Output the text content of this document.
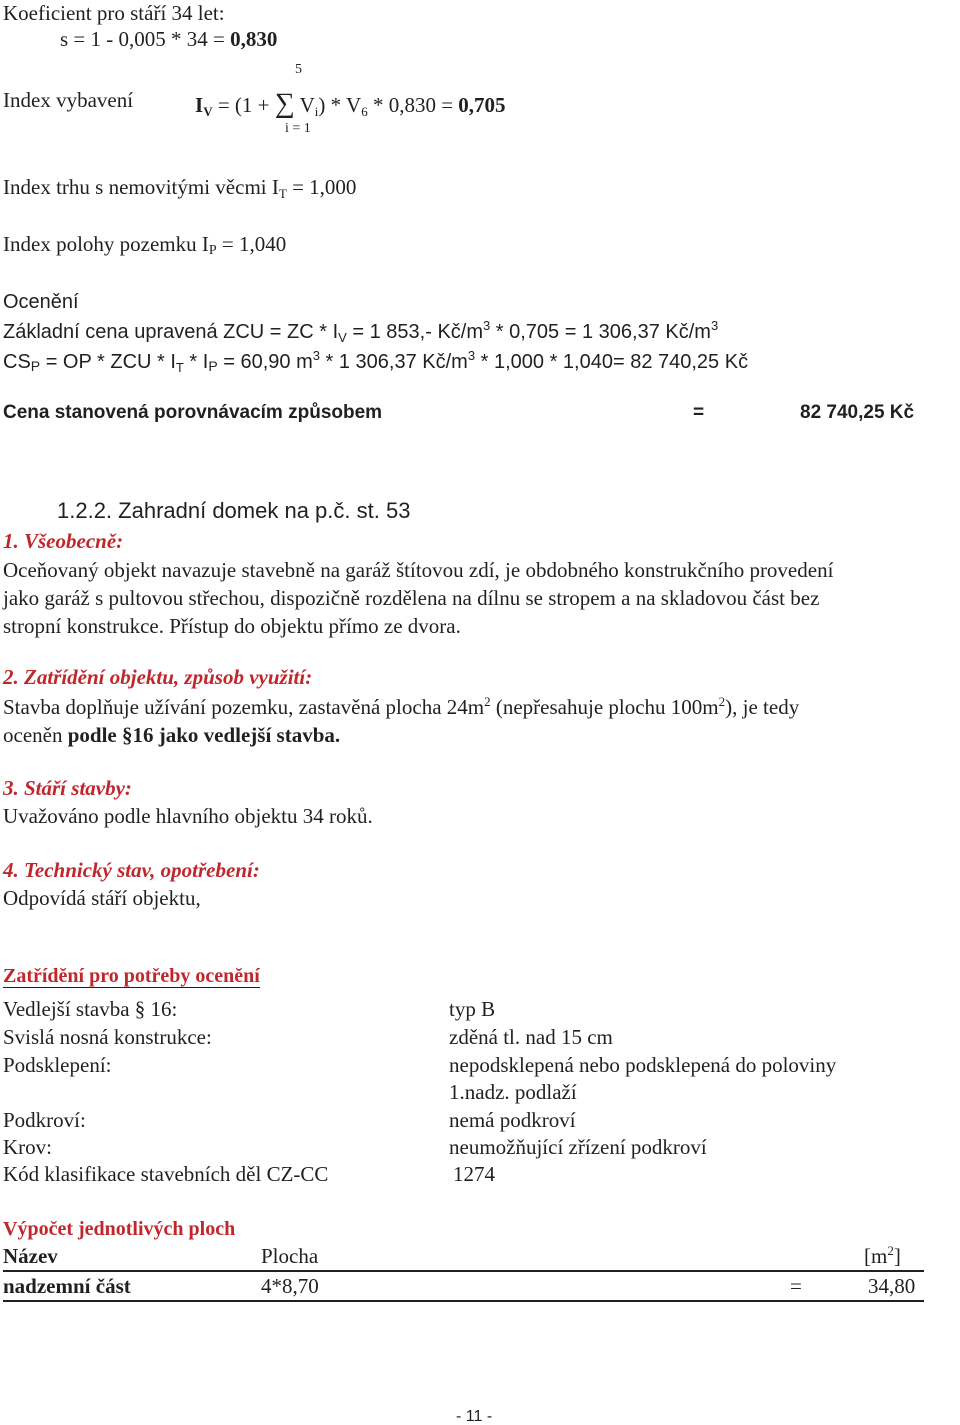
Koeficient pro stáří 34 let:
s = 1 - 0,005 * 34 = 0,830
5
Index vybavení	$I_V = (1$ + ∑ $V_i) * V_6 * 0,830 = 0,705$
i = 1
Index trhu s nemovitými věcmi $I_T = 1,000$
Index polohy pozemku $I_P = 1,040$
Ocenění
Základní cena upravená ZCU = ZC * $I_V = 1$ 853,- $Kč/m^3 * 0,705 = 1$ 306,37 $Kč/m^3$
$CS_P$ = OP * ZCU * $I_T * I_P = 60,90$ $m^3 * 1$ 306,37 $Kč/m^3 * 1,000 * 1,040= 82$ 740,25 Kč
Cena stanovená porovnávacím způsobem	=	82 740,25 Kč
1.2.2. Zahradní domek na p.č. st. 53
1. Všeobecně:
Oceňovaný objekt navazuje stavebně na garáž štítovou zdí, je obdobného konstrukčního provedení
jako garáž s pultovou střechou, dispozičně rozdělena na dílnu se stropem a na skladovou část bez
stropní konstrukce. Přístup do objektu přímo ze dvora.
2. Zatřídění objektu, způsob využití:
Stavba doplňuje užívání pozemku, zastavěná plocha $24m^2$ (nepřesahuje plochu $100m^2$), je tedy
oceněn podle §16 jako vedlejší stavba.
3. Stáří stavby:
Uvažováno podle hlavního objektu 34 roků.
4. Technický stav, opotřebení:
Odpovídá stáří objektu,
Zatřídění pro potřeby ocenění
Vedlejší stavba § 16:	typ B
Svislá nosná konstrukce:	zděná tl. nad 15 cm
Podsklepení:	nepodsklepená nebo podsklepená do poloviny
1.nadz. podlaží
Podkroví:	nemá podkroví
Krov:	neumožňující zřízení podkroví
Kód klasifikace stavebních děl CZ-CC	1274
Výpočet jednotlivých ploch
Název	Plocha	$[m^2]$
nadzemní část	4*8,70	=	34,80
- 11 -
